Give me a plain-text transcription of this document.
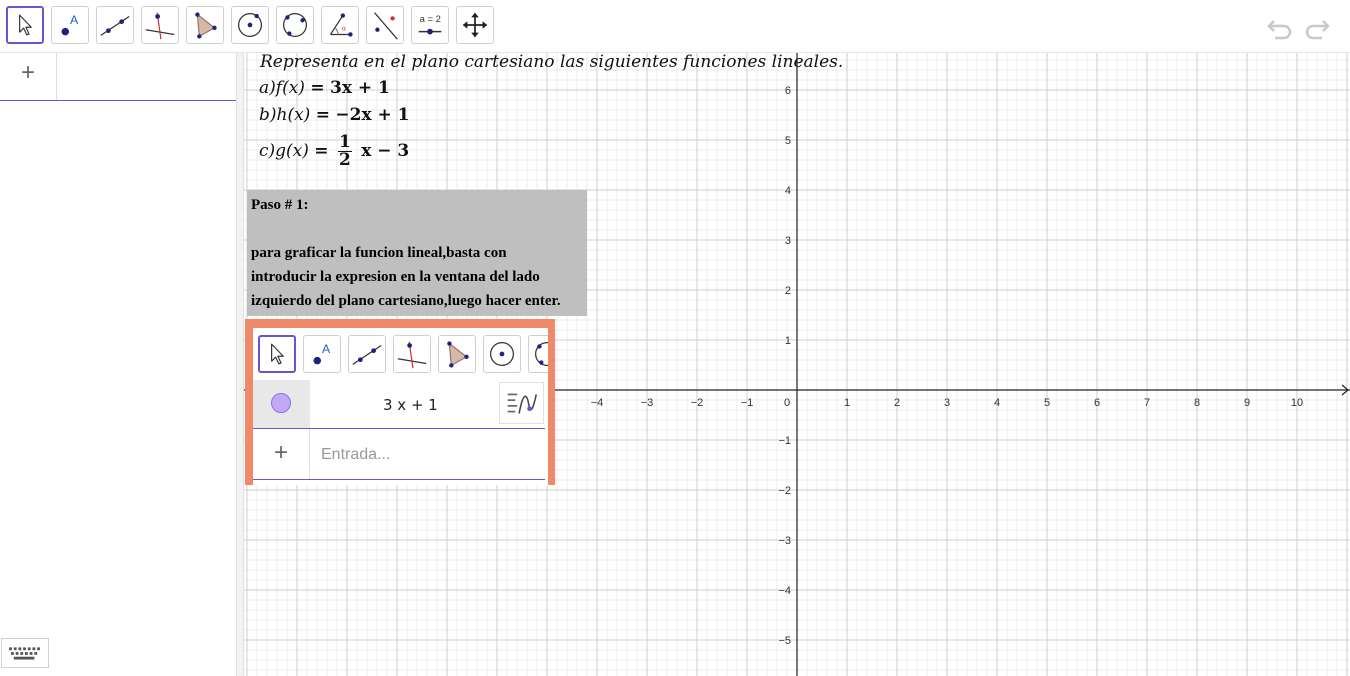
A
α
a = 2
+
−4	−3	−2	−1	0	1	2	3	4	5	6	7	8	9	10
1
2
3
4
5
6
−1
−2
−3
−4
−5
Representa en el plano cartesiano las siguientes funciones lineales.
a)f(x) = 3x + 1
b)h(x) = −2x + 1
$c)g(x) = \frac{1}{2}$ x − 3
Paso # 1:
para graficar la funcion lineal,basta con
introducir la expresion en la ventana del lado
izquierdo del plano cartesiano,luego hacer enter.
A
3 x + 1
+
Entrada...
